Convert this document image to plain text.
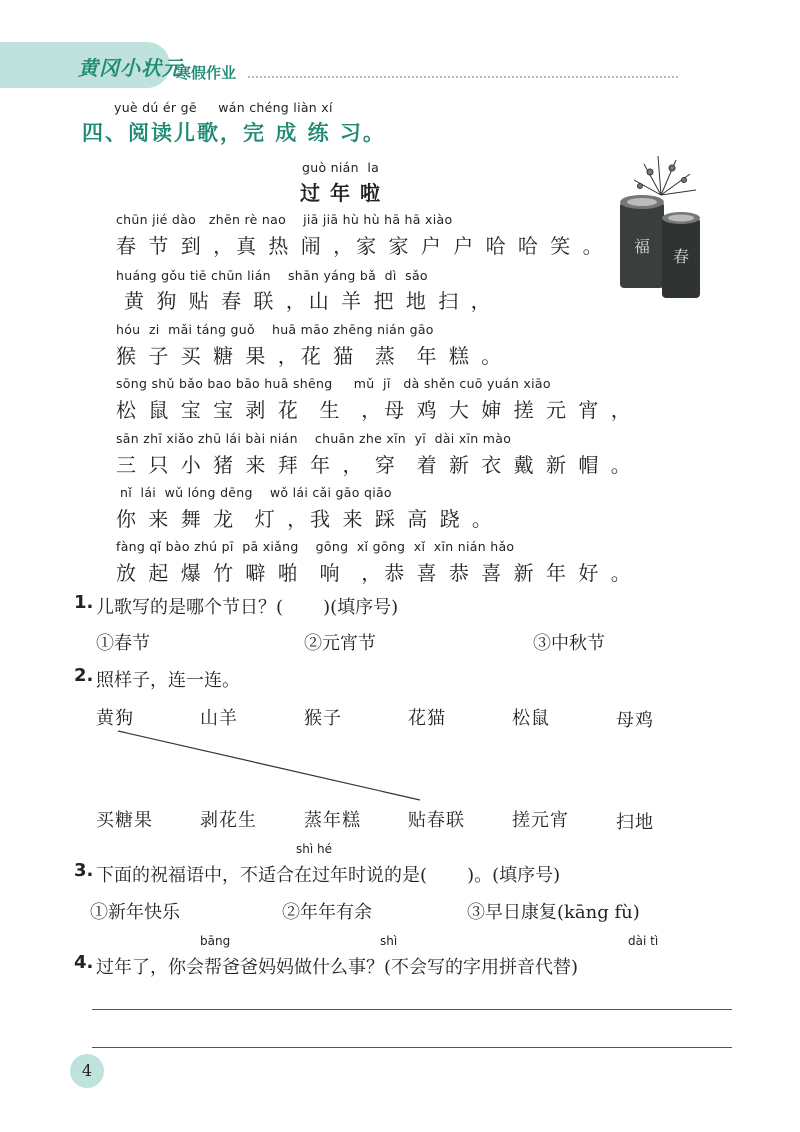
黄冈小状元
寒假作业
yuè dú ér gē     wán chéng liàn xí
四、阅读儿歌，完 成 练 习。
guò nián  la
过年啦
chūn jié dào   zhēn rè nao    jiā jiā hù hù hā hā xiào
春 节 到 ，真 热 闹 ，家 家 户 户 哈 哈 笑 。
huáng gǒu tiē chūn lián    shān yáng bǎ  dì  sǎo
黄 狗 贴 春 联 ，山 羊 把 地 扫 ，
hóu  zi  mǎi táng guǒ    huā māo zhēng nián gāo
猴 子 买 糖 果 ，花 猫  蒸  年 糕 。
sōng shǔ bǎo bao bāo huā shēng     mǔ  jī   dà shěn cuō yuán xiāo
松 鼠 宝 宝 剥 花  生  ，母 鸡 大 婶 搓 元 宵 ，
sān zhī xiǎo zhū lái bài nián    chuān zhe xīn  yī  dài xīn mào
三 只 小 猪 来 拜 年 ， 穿  着 新 衣 戴 新 帽 。
nǐ  lái  wǔ lóng dēng    wǒ lái cǎi gāo qiāo
你 来 舞 龙  灯 ，我 来 踩 高 跷 。
fàng qǐ bào zhú pī  pā xiǎng    gōng  xǐ gōng  xǐ  xīn nián hǎo
放 起 爆 竹 噼 啪  响  ，恭 喜 恭 喜 新 年 好 。
福
春
1. 儿歌写的是哪个节日？(       )(填序号)
①春节	②元宵节	③中秋节
2. 照样子，连一连。
黄狗	山羊	猴子	花猫	松鼠	母鸡
买糖果	剥花生	蒸年糕	贴春联	搓元宵	扫地
shì hé
3. 下面的祝福语中，不适合在过年时说的是(       )。(填序号)
①新年快乐	②年年有余	③早日康复(kāng fù)
bāng	shì	dài tì
4. 过年了，你会帮爸爸妈妈做什么事？(不会写的字用拼音代替)
4
